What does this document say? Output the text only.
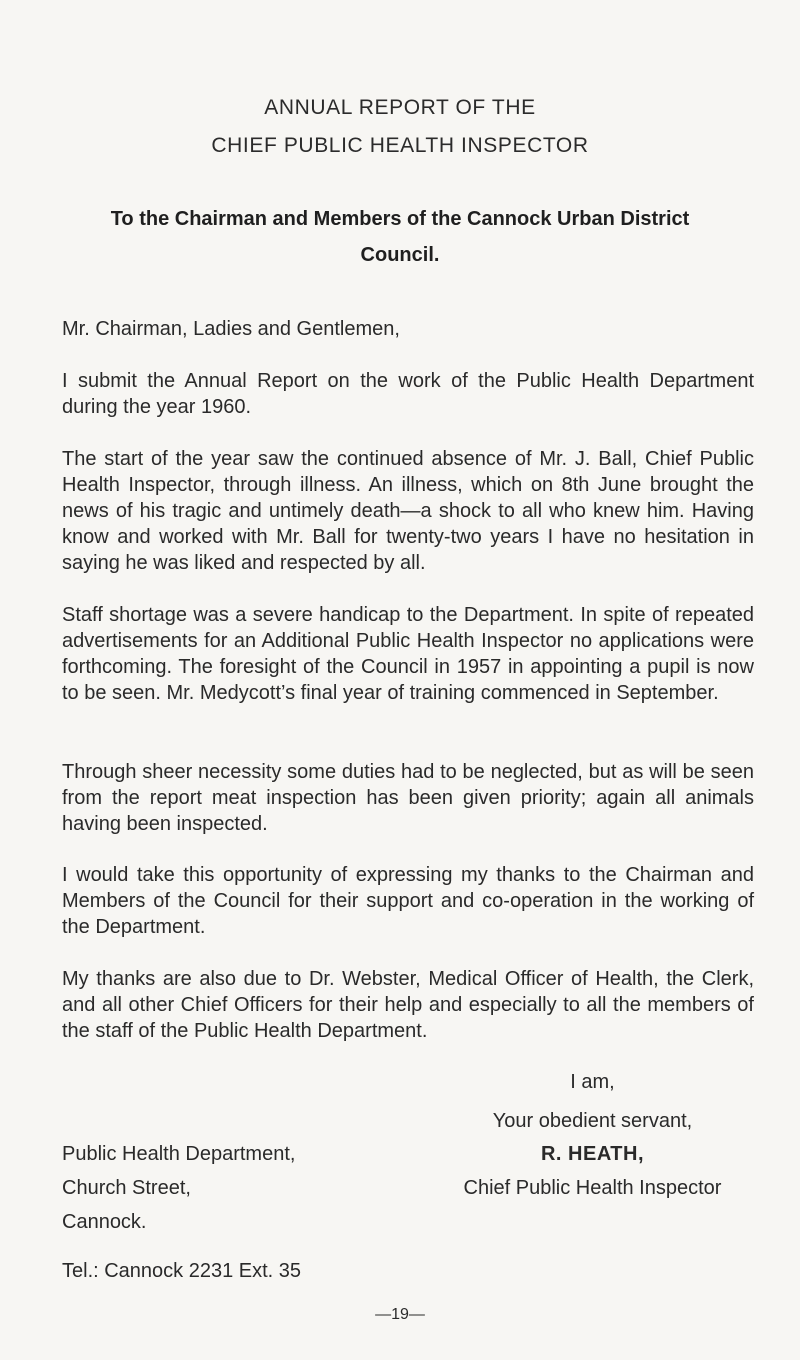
ANNUAL REPORT OF THE
CHIEF PUBLIC HEALTH INSPECTOR
To the Chairman and Members of the Cannock Urban District
Council.
Mr. Chairman, Ladies and Gentlemen,
I submit the Annual Report on the work of the Public Health Department during the year 1960.
The start of the year saw the continued absence of Mr. J. Ball, Chief Public Health Inspector, through illness. An illness, which on 8th June brought the news of his tragic and untimely death—a shock to all who knew him. Having know and worked with Mr. Ball for twenty-two years I have no hesitation in saying he was liked and respected by all.
Staff shortage was a severe handicap to the Department. In spite of repeated advertisements for an Additional Public Health Inspector no applications were forthcoming. The foresight of the Council in 1957 in appointing a pupil is now to be seen. Mr. Medycott’s final year of training commenced in September.
Through sheer necessity some duties had to be neglected, but as will be seen from the report meat inspection has been given priority; again all animals having been inspected.
I would take this opportunity of expressing my thanks to the Chairman and Members of the Council for their support and co-operation in the working of the Department.
My thanks are also due to Dr. Webster, Medical Officer of Health, the Clerk, and all other Chief Officers for their help and especially to all the members of the staff of the Public Health Department.
I am,
Your obedient servant,
R. HEATH,
Chief Public Health Inspector
Public Health Department,
Church Street,
Cannock.
Tel.: Cannock 2231 Ext. 35
—19—
